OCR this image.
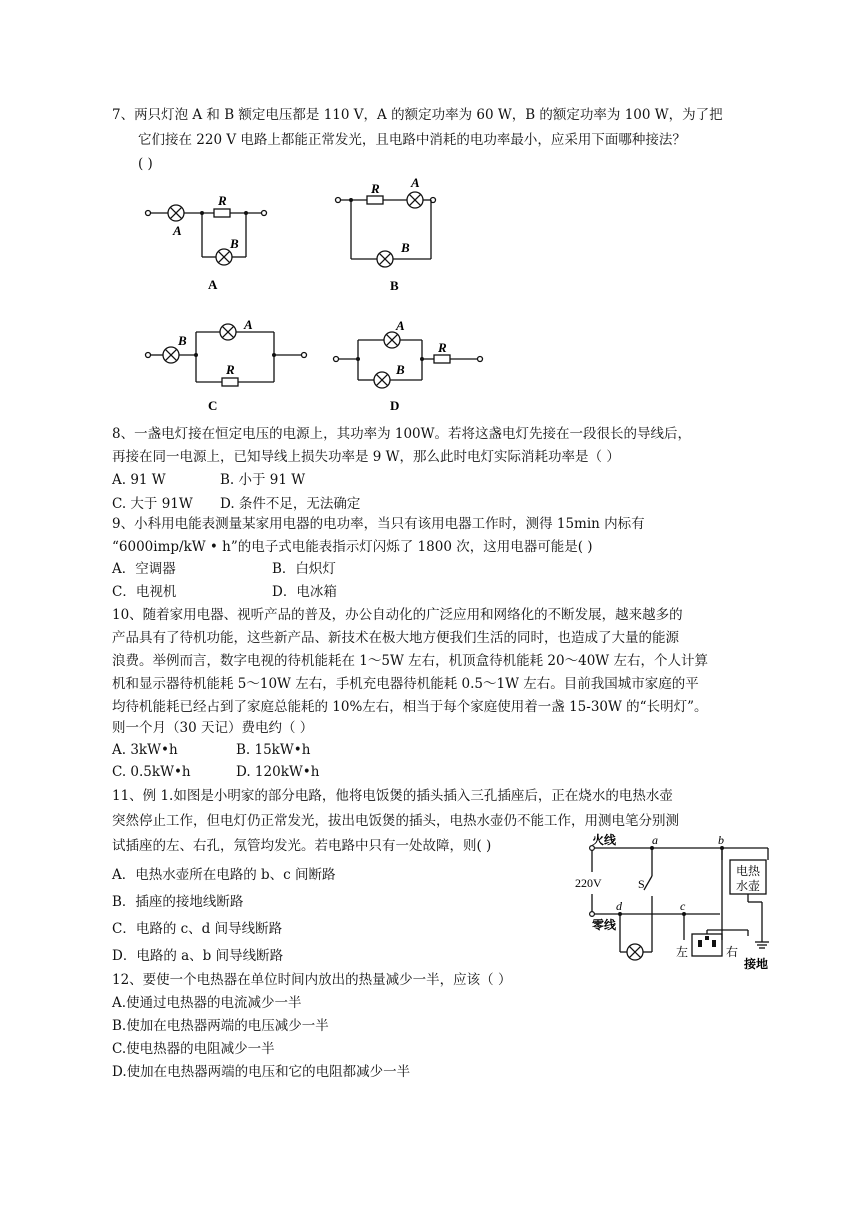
7、两只灯泡 A 和 B 额定电压都是 110 V，A 的额定功率为 60 W，B 的额定功率为 100 W，为了把
它们接在 220 V 电路上都能正常发光，且电路中消耗的电功率最小，应采用下面哪种接法？
( )
A
R
B
A
R A
B
B
B
A
R
C
A
B
R
D
8、一盏电灯接在恒定电压的电源上，其功率为 100W。若将这盏电灯先接在一段很长的导线后，
再接在同一电源上，已知导线上损失功率是 9 W，那么此时电灯实际消耗功率是（ ）
A. 91 W	B. 小于 91 W
C. 大于 91W D. 条件不足，无法确定
9、小科用电能表测量某家用电器的电功率，当只有该用电器工作时，测得 15min 内标有
“6000imp/kW • h”的电子式电能表指示灯闪烁了 1800 次，这用电器可能是( )
A．空调器	B．白炽灯
C．电视机	D．电冰箱
10、随着家用电器、视听产品的普及，办公自动化的广泛应用和网络化的不断发展，越来越多的
产品具有了待机功能，这些新产品、新技术在极大地方便我们生活的同时，也造成了大量的能源
浪费。举例而言，数字电视的待机能耗在 1～5W 左右，机顶盒待机能耗 20～40W 左右，个人计算
机和显示器待机能耗 5～10W 左右，手机充电器待机能耗 0.5～1W 左右。目前我国城市家庭的平
均待机能耗已经占到了家庭总能耗的 10%左右，相当于每个家庭使用着一盏 15-30W 的“长明灯”。
则一个月（30 天记）费电约（ ）
A. 3kW•h	B. 15kW•h
C. 0.5kW•h	D. 120kW•h
11、例 1.如图是小明家的部分电路，他将电饭煲的插头插入三孔插座后，正在烧水的电热水壶
突然停止工作，但电灯仍正常发光，拔出电饭煲的插头，电热水壶仍不能工作，用测电笔分别测
试插座的左、右孔，氖管均发光。若电路中只有一处故障，则( )
A．电热水壶所在电路的 b、c 间断路
B．插座的接地线断路
C．电路的 c、d 间导线断路
D．电路的 a、b 间导线断路
火线
零线
220V	S
a	b
c
d
电热
水壶
左	右
接地
12、要使一个电热器在单位时间内放出的热量减少一半，应该（ ）
A.使通过电热器的电流减少一半
B.使加在电热器两端的电压减少一半
C.使电热器的电阻减少一半
D.使加在电热器两端的电压和它的电阻都减少一半
